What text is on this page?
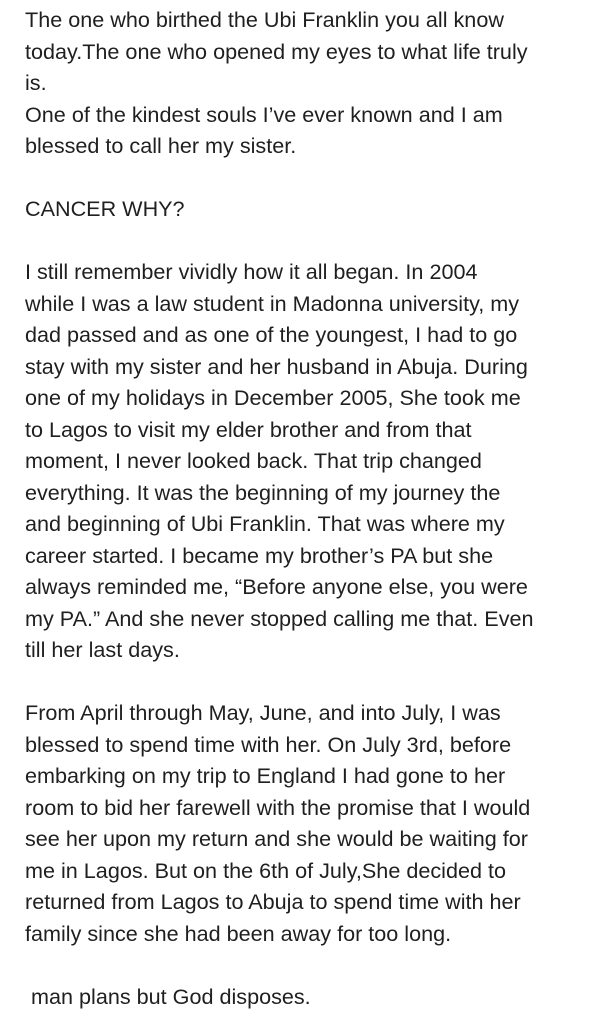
The one who birthed the Ubi Franklin you all know
today.The one who opened my eyes to what life truly
is.
One of the kindest souls I’ve ever known and I am
blessed to call her my sister.

CANCER WHY?

I still remember vividly how it all began. In 2004
while I was a law student in Madonna university, my
dad passed and as one of the youngest, I had to go
stay with my sister and her husband in Abuja. During
one of my holidays in December 2005, She took me
to Lagos to visit my elder brother and from that
moment, I never looked back. That trip changed
everything. It was the beginning of my journey the
and beginning of Ubi Franklin. That was where my
career started. I became my brother’s PA but she
always reminded me, “Before anyone else, you were
my PA.” And she never stopped calling me that. Even
till her last days.

From April through May, June, and into July, I was
blessed to spend time with her. On July 3rd, before
embarking on my trip to England I had gone to her
room to bid her farewell with the promise that I would
see her upon my return and she would be waiting for
me in Lagos. But on the 6th of July,She decided to
returned from Lagos to Abuja to spend time with her
family since she had been away for too long.

man plans but God disposes.
